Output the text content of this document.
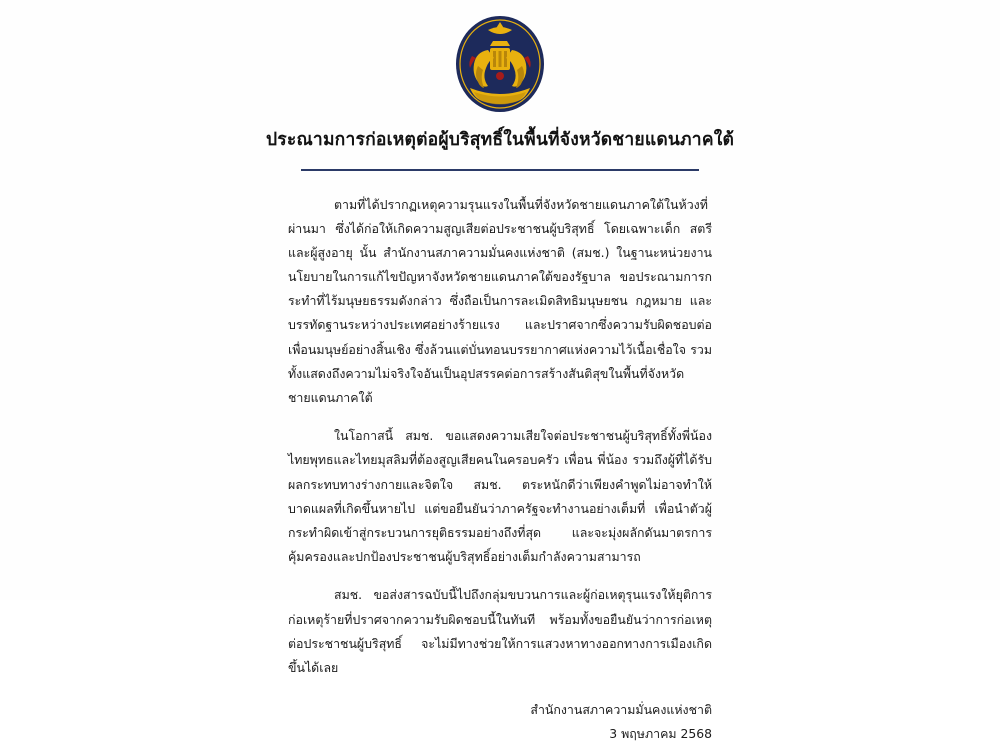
ประณามการก่อเหตุต่อผู้บริสุทธิ์ในพื้นที่จังหวัดชายแดนภาคใต้

ตามที่ได้ปรากฏเหตุความรุนแรงในพื้นที่จังหวัดชายแดนภาคใต้ในห้วงที่ผ่านมา ซึ่งได้ก่อให้เกิดความสูญเสียต่อประชาชนผู้บริสุทธิ์ โดยเฉพาะเด็ก สตรี และผู้สูงอายุ นั้น สำนักงานสภาความมั่นคงแห่งชาติ (สมช.) ในฐานะหน่วยงานนโยบายในการแก้ไขปัญหาจังหวัดชายแดนภาคใต้ของรัฐบาล ขอประณามการกระทำที่ไร้มนุษยธรรมดังกล่าว ซึ่งถือเป็นการละเมิดสิทธิมนุษยชน กฎหมาย และบรรทัดฐานระหว่างประเทศอย่างร้ายแรง และปราศจากซึ่งความรับผิดชอบต่อเพื่อนมนุษย์อย่างสิ้นเชิง ซึ่งล้วนแต่บั่นทอนบรรยากาศแห่งความไว้เนื้อเชื่อใจ รวมทั้งแสดงถึงความไม่จริงใจอันเป็นอุปสรรคต่อการสร้างสันติสุขในพื้นที่จังหวัดชายแดนภาคใต้

ในโอกาสนี้ สมช. ขอแสดงความเสียใจต่อประชาชนผู้บริสุทธิ์ทั้งพี่น้องไทยพุทธและไทยมุสลิมที่ต้องสูญเสียคนในครอบครัว เพื่อน พี่น้อง รวมถึงผู้ที่ได้รับผลกระทบทางร่างกายและจิตใจ สมช. ตระหนักดีว่าเพียงคำพูดไม่อาจทำให้บาดแผลที่เกิดขึ้นหายไป แต่ขอยืนยันว่าภาครัฐจะทำงานอย่างเต็มที่ เพื่อนำตัวผู้กระทำผิดเข้าสู่กระบวนการยุติธรรมอย่างถึงที่สุด และจะมุ่งผลักดันมาตรการคุ้มครองและปกป้องประชาชนผู้บริสุทธิ์อย่างเต็มกำลังความสามารถ

สมช. ขอส่งสารฉบับนี้ไปถึงกลุ่มขบวนการและผู้ก่อเหตุรุนแรงให้ยุติการก่อเหตุร้ายที่ปราศจากความรับผิดชอบนี้ในทันที พร้อมทั้งขอยืนยันว่าการก่อเหตุต่อประชาชนผู้บริสุทธิ์ จะไม่มีทางช่วยให้การแสวงหาทางออกทางการเมืองเกิดขึ้นได้เลย

สำนักงานสภาความมั่นคงแห่งชาติ
3 พฤษภาคม 2568
